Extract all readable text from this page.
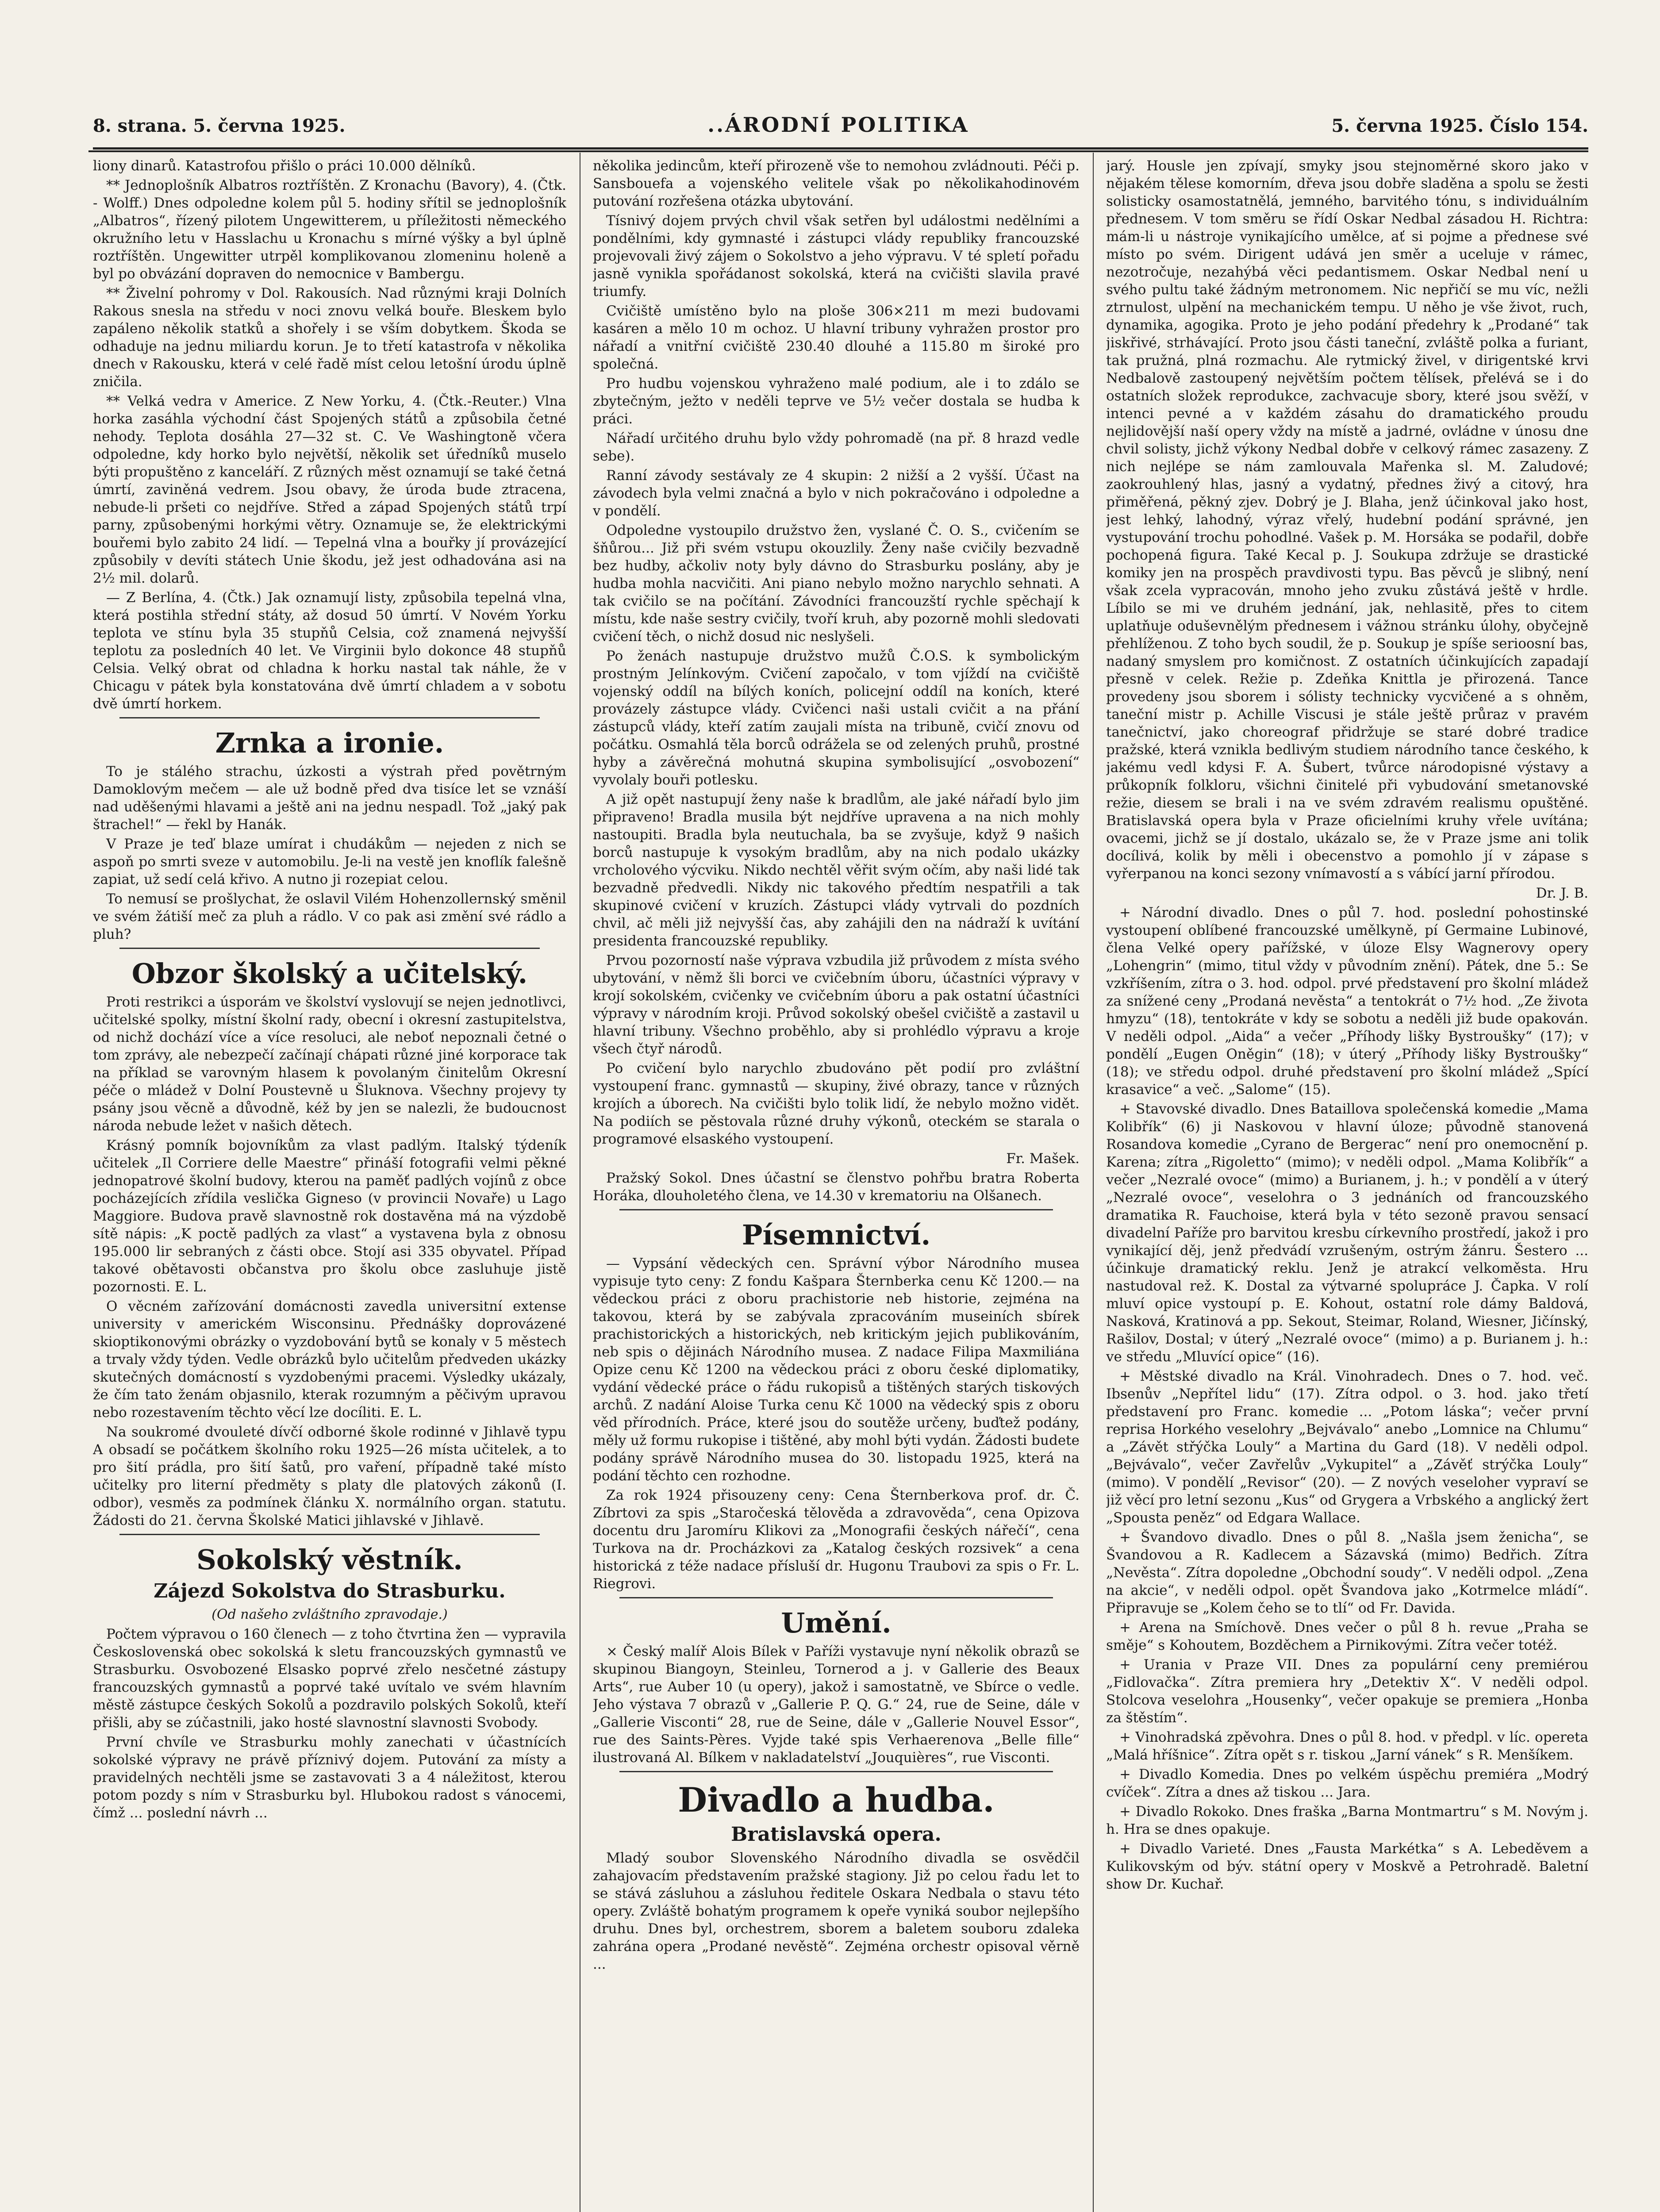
8. strana. 5. června 1925.	..ÁRODNÍ POLITIKA	5. června 1925. Číslo 154.

liony dinarů. Katastrofou přišlo o práci 10.000 dělníků.

** Jednoplošník Albatros roztříštěn. Z Kronachu (Bavory), 4. (Čtk. - Wolff.) Dnes odpoledne kolem půl 5. hodiny sřítil se jednoplošník „Albatros“, řízený pilotem Ungewitterem, u příležitosti německého okružního letu v Hasslachu u Kronachu s mírné výšky a byl úplně roztříštěn. Ungewitter utrpěl komplikovanou zlomeninu holeně a byl po obvázání dopraven do nemocnice v Bambergu.

** Živelní pohromy v Dol. Rakousích. Nad různými kraji Dolních Rakous snesla na středu v noci znovu velká bouře. Bleskem bylo zapáleno několik statků a shořely i se vším dobytkem. Škoda se odhaduje na jednu miliardu korun. Je to třetí katastrofa v několika dnech v Rakousku, která v celé řadě míst celou letošní úrodu úplně zničila.

** Velká vedra v Americe. Z New Yorku, 4. (Čtk.-Reuter.) Vlna horka zasáhla východní část Spojených států a způsobila četné nehody. Teplota dosáhla 27—32 st. C. Ve Washingtoně včera odpoledne, kdy horko bylo největší, několik set úředníků muselo býti propuštěno z kanceláří. Z různých měst oznamují se také četná úmrtí, zaviněná vedrem. Jsou obavy, že úroda bude ztracena, nebude-li pršeti co nejdříve. Střed a západ Spojených států trpí parny, způsobenými horkými větry. Oznamuje se, že elektrickými bouřemi bylo zabito 24 lidí. — Tepelná vlna a bouřky jí provázející způsobily v devíti státech Unie škodu, jež jest odhadována asi na 2½ mil. dolarů.

— Z Berlína, 4. (Čtk.) Jak oznamují listy, způsobila tepelná vlna, která postihla střední státy, až dosud 50 úmrtí. V Novém Yorku teplota ve stínu byla 35 stupňů Celsia, což znamená nejvyšší teplotu za posledních 40 let. Ve Virginii bylo dokonce 48 stupňů Celsia. Velký obrat od chladna k horku nastal tak náhle, že v Chicagu v pátek byla konstatována dvě úmrtí chladem a v sobotu dvě úmrtí horkem.

Zrnka a ironie.

To je stálého strachu, úzkosti a výstrah před povětrným Damoklovým mečem — ale už bodně před dva tisíce let se vznáší nad uděšenými hlavami a ještě ani na jednu nespadl. Tož „jaký pak štrachel!“ — řekl by Hanák.

V Praze je teď blaze umírat i chudákům — nejeden z nich se aspoň po smrti sveze v automobilu. Je-li na vestě jen knoflík falešně zapiat, už sedí celá křivo. A nutno ji rozepiat celou.

To nemusí se prošlychat, že oslavil Vilém Hohenzollernský směnil ve svém žátiší meč za pluh a rádlo. V co pak asi změní své rádlo a pluh?

Obzor školský a učitelský.

Proti restrikci a úsporám ve školství vyslovují se nejen jednotlivci, učitelské spolky, místní školní rady, obecní i okresní zastupitelstva, od nichž dochází více a více resoluci, ale neboť nepoznali četné o tom zprávy, ale nebezpečí začínají chápati různé jiné korporace tak na příklad se varovným hlasem k povolaným činitelům Okresní péče o mládež v Dolní Poustevně u Šluknova. Všechny projevy ty psány jsou věcně a důvodně, kéž by jen se nalezli, že budoucnost národa nebude ležet v našich dětech.

Krásný pomník bojovníkům za vlast padlým. Italský týdeník učitelek „Il Corriere delle Maestre“ přináší fotografii velmi pěkné jednopatrové školní budovy, kterou na paměť padlých vojínů z obce pocházejících zřídila veslička Gigneso (v provincii Novaře) u Lago Maggiore. Budova pravě slavnostně rok dostavěna má na výzdobě sítě nápis: „K poctě padlých za vlast“ a vystavena byla z obnosu 195.000 lir sebraných z části obce. Stojí asi 335 obyvatel. Případ takové obětavosti občanstva pro školu obce zasluhuje jistě pozornosti. E. L.

O věcném zařízování domácnosti zavedla universitní extense university v americkém Wisconsinu. Přednášky doprovázené skioptikonovými obrázky o vyzdobování bytů se konaly v 5 městech a trvaly vždy týden. Vedle obrázků bylo učitelům předveden ukázky skutečných domácností s vyzdobenými pracemi. Výsledky ukázaly, že čím tato ženám objasnilo, kterak rozumným a pěčivým upravou nebo rozestavením těchto věcí lze docíliti. E. L.

Na soukromé dvouleté dívčí odborné škole rodinné v Jihlavě typu A obsadí se počátkem školního roku 1925—26 místa učitelek, a to pro šití prádla, pro šití šatů, pro vaření, případně také místo učitelky pro literní předměty s platy dle platových zákonů (I. odbor), vesměs za podmínek článku X. normálního organ. statutu. Žádosti do 21. června Školské Matici jihlavské v Jihlavě.

Sokolský věstník.
Zájezd Sokolstva do Strasburku.

(Od našeho zvláštního zpravodaje.)

Počtem výpravou o 160 členech — z toho čtvrtina žen — vypravila Československá obec sokolská k sletu francouzských gymnastů ve Strasburku. Osvobozené Elsasko poprvé zřelo nesčetné zástupy francouzských gymnastů a poprvé také uvítalo ve svém hlavním městě zástupce českých Sokolů a pozdravilo polských Sokolů, kteří přišli, aby se zúčastnili, jako hosté slavnostní slavnosti Svobody.

První chvíle ve Strasburku mohly zanechati v účastnících sokolské výpravy ne právě příznivý dojem. Putování za místy a pravidelných nechtěli jsme se zastavovati 3 a 4 náležitost, kterou potom pozdy s ním v Strasburku byl. Hlubokou radost s vánocemi, čímž ... poslední návrh ...

několika jedincům, kteří přirozeně vše to nemohou zvládnouti. Péči p. Sansbouefa a vojenského velitele však po několikahodinovém putování rozřešena otázka ubytování.

Tísnivý dojem prvých chvil však setřen byl událostmi nedělními a pondělními, kdy gymnasté i zástupci vlády republiky francouzské projevovali živý zájem o Sokolstvo a jeho výpravu. V té spletí pořadu jasně vynikla spořádanost sokolská, která na cvičišti slavila pravé triumfy.

Cvičiště umístěno bylo na ploše 306×211 m mezi budovami kasáren a mělo 10 m ochoz. U hlavní tribuny vyhražen prostor pro nářadí a vnitřní cvičiště 230.40 dlouhé a 115.80 m široké pro společná.

Pro hudbu vojenskou vyhraženo malé podium, ale i to zdálo se zbytečným, ježto v neděli teprve ve 5½ večer dostala se hudba k práci.

Nářadí určitého druhu bylo vždy pohromadě (na př. 8 hrazd vedle sebe).

Ranní závody sestávaly ze 4 skupin: 2 nižší a 2 vyšší. Účast na závodech byla velmi značná a bylo v nich pokračováno i odpoledne a v pondělí.

Odpoledne vystoupilo družstvo žen, vyslané Č. O. S., cvičením se šňůrou... Již při svém vstupu okouzlily. Ženy naše cvičily bezvadně bez hudby, ačkoliv noty byly dávno do Strasburku poslány, aby je hudba mohla nacvičiti. Ani piano nebylo možno narychlo sehnati. A tak cvičilo se na počítání. Závodníci francouzští rychle spěchají k místu, kde naše sestry cvičily, tvoří kruh, aby pozorně mohli sledovati cvičení těch, o nichž dosud nic neslyšeli.

Po ženách nastupuje družstvo mužů Č.O.S. k symbolickým prostným Jelínkovým. Cvičení započalo, v tom vjíždí na cvičiště vojenský oddíl na bílých koních, policejní oddíl na koních, které provázely zástupce vlády. Cvičenci naši ustali cvičit a na přání zástupců vlády, kteří zatím zaujali místa na tribuně, cvičí znovu od počátku. Osmahlá těla borců odrážela se od zelených pruhů, prostné hyby a závěrečná mohutná skupina symbolisující „osvobození“ vyvolaly bouři potlesku.

A již opět nastupují ženy naše k bradlům, ale jaké nářadí bylo jim připraveno! Bradla musila být nejdříve upravena a na nich mohly nastoupiti. Bradla byla neutuchala, ba se zvyšuje, když 9 našich borců nastupuje k vysokým bradlům, aby na nich podalo ukázky vrcholového výcviku. Nikdo nechtěl věřit svým očím, aby naši lidé tak bezvadně předvedli. Nikdy nic takového předtím nespatřili a tak skupinové cvičení v kruzích. Zástupci vlády vytrvali do pozdních chvil, ač měli již nejvyšší čas, aby zahájili den na nádraží k uvítání presidenta francouzské republiky.

Prvou pozorností naše výprava vzbudila již průvodem z místa svého ubytování, v němž šli borci ve cvičebním úboru, účastníci výpravy v krojí sokolském, cvičenky ve cvičebním úboru a pak ostatní účastníci výpravy v národním kroji. Průvod sokolský obešel cvičiště a zastavil u hlavní tribuny. Všechno proběhlo, aby si prohlédlo výpravu a kroje všech čtyř národů.

Po cvičení bylo narychlo zbudováno pět podií pro zvláštní vystoupení franc. gymnastů — skupiny, živé obrazy, tance v různých krojích a úborech. Na cvičišti bylo tolik lidí, že nebylo možno vidět. Na podiích se pěstovala různé druhy výkonů, oteckém se starala o programové elsaského vystoupení.

Fr. Mašek.

Pražský Sokol. Dnes účastní se členstvo pohřbu bratra Roberta Horáka, dlouholetého člena, ve 14.30 v krematoriu na Olšanech.

Písemnictví.

— Vypsání vědeckých cen. Správní výbor Národního musea vypisuje tyto ceny: Z fondu Kašpara Šternberka cenu Kč 1200.— na vědeckou práci z oboru prachistorie neb historie, zejména na takovou, která by se zabývala zpracováním museiních sbírek prachistorických a historických, neb kritickým jejich publikováním, neb spis o dějinách Národního musea. Z nadace Filipa Maxmiliána Opize cenu Kč 1200 na vědeckou práci z oboru české diplomatiky, vydání vědecké práce o řádu rukopisů a tištěných starých tiskových archů. Z nadání Aloise Turka cenu Kč 1000 na vědecký spis z oboru věd přírodních. Práce, které jsou do soutěže určeny, buďtež podány, měly už formu rukopise i tištěné, aby mohl býti vydán. Žádosti budete podány správě Národního musea do 30. listopadu 1925, která na podání těchto cen rozhodne.

Za rok 1924 přisouzeny ceny: Cena Šternberkova prof. dr. Č. Zíbrtovi za spis „Staročeská tělověda a zdravověda“, cena Opizova docentu dru Jaromíru Klikovi za „Monografii českých nářečí“, cena Turkova na dr. Procházkovi za „Katalog českých rozsivek“ a cena historická z téže nadace přísluší dr. Hugonu Traubovi za spis o Fr. L. Riegrovi.

Umění.

× Český malíř Alois Bílek v Paříži vystavuje nyní několik obrazů se skupinou Biangoyn, Steinleu, Tornerod a j. v Gallerie des Beaux Arts“, rue Auber 10 (u opery), jakož i samostatně, ve Sbírce o vedle. Jeho výstava 7 obrazů v „Gallerie P. Q. G.“ 24, rue de Seine, dále v „Gallerie Visconti“ 28, rue de Seine, dále v „Gallerie Nouvel Essor“, rue des Saints-Pères. Vyjde také spis Verhaerenova „Belle fille“ ilustrovaná Al. Bílkem v nakladatelství „Jouquières“, rue Visconti.

Divadlo a hudba.
Bratislavská opera.

Mladý soubor Slovenského Národního divadla se osvědčil zahajovacím představením pražské stagiony. Již po celou řadu let to se stává zásluhou a zásluhou ředitele Oskara Nedbala o stavu této opery. Zvláště bohatým programem k opeře vyniká soubor nejlepšího druhu. Dnes byl, orchestrem, sborem a baletem souboru zdaleka zahrána opera „Prodané nevěstě“. Zejména orchestr opisoval věrně ...

jarý. Housle jen zpívají, smyky jsou stejnoměrné skoro jako v nějakém tělese komorním, dřeva jsou dobře sladěna a spolu se žesti solisticky osamostatnělá, jemného, barvitého tónu, s individuálním přednesem. V tom směru se řídí Oskar Nedbal zásadou H. Richtra: mám-li u nástroje vynikajícího umělce, ať si pojme a přednese své místo po svém. Dirigent udává jen směr a uceluje v rámec, nezotročuje, nezahýbá věci pedantismem. Oskar Nedbal není u svého pultu také žádným metronomem. Nic nepřičí se mu víc, nežli ztrnulost, ulpění na mechanickém tempu. U něho je vše život, ruch, dynamika, agogika. Proto je jeho podání předehry k „Prodané“ tak jiskřivé, strhávající. Proto jsou části taneční, zvláště polka a furiant, tak pružná, plná rozmachu. Ale rytmický živel, v dirigentské krvi Nedbalově zastoupený největším počtem tělísek, přelévá se i do ostatních složek reprodukce, zachvacuje sbory, které jsou svěží, v intenci pevné a v každém zásahu do dramatického proudu nejlidovější naší opery vždy na místě a jadrné, ovládne v únosu dne chvil solisty, jichž výkony Nedbal dobře v celkový rámec zasazeny. Z nich nejlépe se nám zamlouvala Mařenka sl. M. Zaludové; zaokrouhlený hlas, jasný a vydatný, přednes živý a citový, hra přiměřená, pěkný zjev. Dobrý je J. Blaha, jenž účinkoval jako host, jest lehký, lahodný, výraz vřelý, hudební podání správné, jen vystupování trochu pohodlné. Vašek p. M. Horsáka se podařil, dobře pochopená figura. Také Kecal p. J. Soukupa zdržuje se drastické komiky jen na prospěch pravdivosti typu. Bas pěvců je slibný, není však zcela vypracován, mnoho jeho zvuku zůstává ještě v hrdle. Líbilo se mi ve druhém jednání, jak, nehlasitě, přes to citem uplatňuje oduševnělým přednesem i vážnou stránku úlohy, obyčejně přehlíženou. Z toho bych soudil, že p. Soukup je spíše serioosní bas, nadaný smyslem pro komičnost. Z ostatních účinkujících zapadají přesně v celek. Režie p. Zdeňka Knittla je přirozená. Tance provedeny jsou sborem i sólisty technicky vycvičené a s ohněm, taneční mistr p. Achille Viscusi je stále ještě průraz v pravém tanečnictví, jako choreograf přidržuje se staré dobré tradice pražské, která vznikla bedlivým studiem národního tance českého, k jakému vedl kdysi F. A. Šubert, tvůrce národopisné výstavy a průkopník folkloru, všichni činitelé při vybudování smetanovské režie, diesem se brali i na ve svém zdravém realismu opuštěné. Bratislavská opera byla v Praze oficielními kruhy vřele uvítána; ovacemi, jichž se jí dostalo, ukázalo se, že v Praze jsme ani tolik docílivá, kolik by měli i obecenstvo a pomohlo jí v zápase s vyřerpanou na konci sezony vnímavostí a s vábící jarní přírodou.

Dr. J. B.

+ Národní divadlo. Dnes o půl 7. hod. poslední pohostinské vystoupení oblíbené francouzské umělkyně, pí Germaine Lubinové, člena Velké opery pařížské, v úloze Elsy Wagnerovy opery „Lohengrin“ (mimo, titul vždy v původním znění). Pátek, dne 5.: Se vzkříšením, zítra o 3. hod. odpol. prvé představení pro školní mládež za snížené ceny „Prodaná nevěsta“ a tentokrát o 7½ hod. „Ze života hmyzu“ (18), tentokráte v kdy se sobotu a neděli již bude opakován. V neděli odpol. „Aida“ a večer „Příhody lišky Bystroušky“ (17); v pondělí „Eugen Oněgin“ (18); v úterý „Příhody lišky Bystroušky“ (18); ve středu odpol. druhé představení pro školní mládež „Spící krasavice“ a več. „Salome“ (15).

+ Stavovské divadlo. Dnes Bataillova společenská komedie „Mama Kolibřík“ (6) ji Naskovou v hlavní úloze; původně stanovená Rosandova komedie „Cyrano de Bergerac“ není pro onemocnění p. Karena; zítra „Rigoletto“ (mimo); v neděli odpol. „Mama Kolibřík“ a večer „Nezralé ovoce“ (mimo) a Burianem, j. h.; v pondělí a v úterý „Nezralé ovoce“, veselohra o 3 jednáních od francouzského dramatika R. Fauchoise, která byla v této sezoně pravou sensací divadelní Paříže pro barvitou kresbu církevního prostředí, jakož i pro vynikající děj, jenž předvádí vzrušeným, ostrým žánru. Šestero ... účinkuje dramatický reklu. Jenž je atrakcí velkoměsta. Hru nastudoval rež. K. Dostal za výtvarné spolupráce J. Čapka. V rolí mluví opice vystoupí p. E. Kohout, ostatní role dámy Baldová, Nasková, Kratinová a pp. Sekout, Steimar, Roland, Wiesner, Jičínský, Rašilov, Dostal; v úterý „Nezralé ovoce“ (mimo) a p. Burianem j. h.: ve středu „Mluvící opice“ (16).

+ Městské divadlo na Král. Vinohradech. Dnes o 7. hod. več. Ibsenův „Nepřítel lidu“ (17). Zítra odpol. o 3. hod. jako třetí představení pro Franc. komedie ... „Potom láska“; večer první reprisa Horkého veselohry „Bejvávalo“ anebo „Lomnice na Chlumu“ a „Závět střýčka Louly“ a Martina du Gard (18). V neděli odpol. „Bejvávalo“, večer Zavřelův „Vykupitel“ a „Závěť strýčka Louly“ (mimo). V pondělí „Revisor“ (20). — Z nových veseloher vypraví se již věcí pro letní sezonu „Kus“ od Grygera a Vrbského a anglický žert „Spousta peněz“ od Edgara Wallace.

+ Švandovo divadlo. Dnes o půl 8. „Našla jsem ženicha“, se Švandovou a R. Kadlecem a Sázavská (mimo) Bedřich. Zítra „Nevěsta“. Zítra dopoledne „Obchodní soudy“. V neděli odpol. „Zena na akcie“, v neděli odpol. opět Švandova jako „Kotrmelce mládí“. Připravuje se „Kolem čeho se to tlí“ od Fr. Davida.

+ Arena na Smíchově. Dnes večer o půl 8 h. revue „Praha se směje“ s Kohoutem, Bozděchem a Pirnikovými. Zítra večer totéž.

+ Urania v Praze VII. Dnes za populární ceny premiérou „Fidlovačka“. Zítra premiera hry „Detektiv X“. V neděli odpol. Stolcova veselohra „Housenky“, večer opakuje se premiera „Honba za štěstím“.

+ Vinohradská zpěvohra. Dnes o půl 8. hod. v předpl. v líc. opereta „Malá hříšnice“. Zítra opět s r. tiskou „Jarní vánek“ s R. Menšíkem.

+ Divadlo Komedia. Dnes po velkém úspěchu premiéra „Modrý cvíček“. Zítra a dnes až tiskou ... Jara.

+ Divadlo Rokoko. Dnes fraška „Barna Montmartru“ s M. Novým j. h. Hra se dnes opakuje.

+ Divadlo Varieté. Dnes „Fausta Markétka“ s A. Lebeděvem a Kulikovským od býv. státní opery v Moskvě a Petrohradě. Baletní show Dr. Kuchař.
